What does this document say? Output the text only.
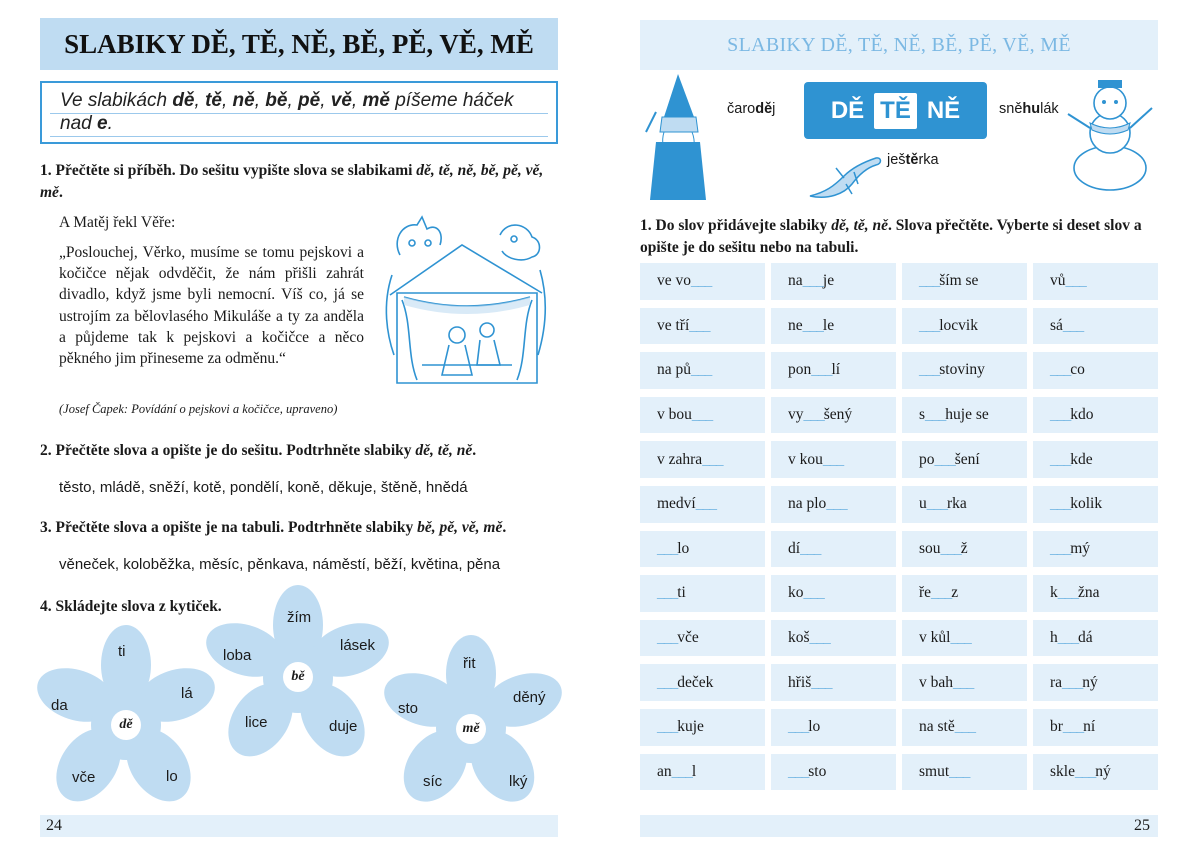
SLABIKY DĚ, TĚ, NĚ, BĚ, PĚ, VĚ, MĚ
Ve slabikách dě, tě, ně, bě, pě, vě, mě píšeme háček nad e.
1. Přečtěte si příběh. Do sešitu vypište slova se slabikami dě, tě, ně, bě, pě, vě, mě.
A Matěj řekl Věře:
„Poslouchej, Věrko, musíme se tomu pejskovi a kočičce nějak odvděčit, že nám přišli zahrát divadlo, když jsme byli nemocní. Víš co, já se ustrojím za bělovlasého Mikuláše a ty za anděla a půjdeme tak k pejskovi a kočičce a něco pěkného jim přineseme za odměnu.“
(Josef Čapek: Povídání o pejskovi a kočičce, upraveno)
2. Přečtěte slova a opište je do sešitu. Podtrhněte slabiky dě, tě, ně.
těsto, mládě, sněží, kotě, pondělí, koně, děkuje, štěně, hnědá
3. Přečtěte slova a opište je na tabuli. Podtrhněte slabiky bě, pě, vě, mě.
věneček, koloběžka, měsíc, pěnkava, náměstí, běží, květina, pěna
4. Skládejte slova z kytiček.
dě
ti
lá
lo
vče
da
bě
žím
lásek
duje
lice
loba
mě
řit
děný
lký
síc
sto
24
SLABIKY DĚ, TĚ, NĚ, BĚ, PĚ, VĚ, MĚ
čaroděj DĚ TĚ NĚ	sněhulák
ještěrka
1. Do slov přidávejte slabiky dě, tě, ně. Slova přečtěte. Vyberte si deset slov a opište je do sešitu nebo na tabuli.
ve vo ___	na ___ je	___ ším se	vů ___
ve tří ___	ne ___ le	___ locvik	sá ___
na pů ___	pon ___ lí	___ stoviny	___ co
v bou ___	vy ___ šený	s ___ huje se	___ kdo
v zahra ___	v kou ___	po ___ šení	___ kde
medví ___	na plo ___	u ___ rka	___ kolik
___ lo	dí ___	sou ___ ž	___ mý
___ ti	ko ___	ře ___ z	k ___ žna
___ vče	koš ___	v kůl ___	h ___ dá
___ deček	hřiš ___	v bah ___	ra ___ ný
___ kuje	___ lo	na stě ___	br ___ ní
an ___ l	___ sto	smut ___	skle ___ ný
25
